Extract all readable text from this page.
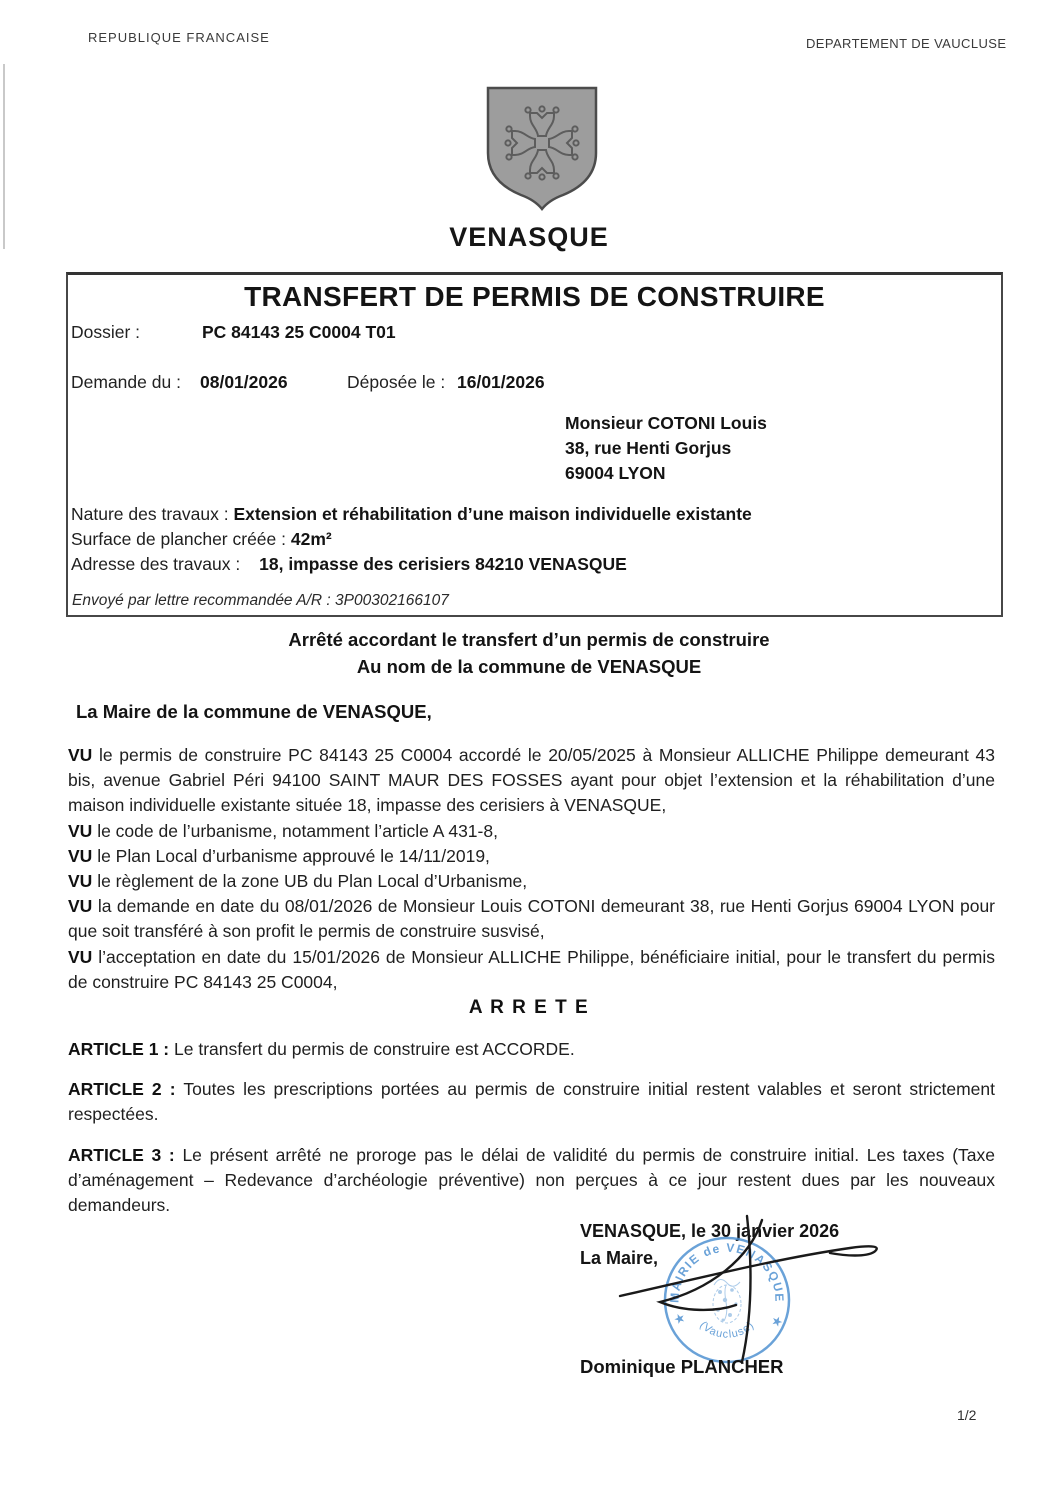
REPUBLIQUE FRANCAISE	DEPARTEMENT DE VAUCLUSE
VENASQUE
TRANSFERT DE PERMIS DE CONSTRUIRE
Dossier :	PC 84143 25 C0004 T01
Demande du : 08/01/2026	Déposée le : 16/01/2026
Monsieur COTONI Louis
38, rue Henti Gorjus
69004 LYON
Nature des travaux : Extension et réhabilitation d’une maison individuelle existante
Surface de plancher créée : 42m²
Adresse des travaux : 18, impasse des cerisiers 84210 VENASQUE
Envoyé par lettre recommandée A/R : 3P00302166107
Arrêté accordant le transfert d’un permis de construire
Au nom de la commune de VENASQUE
La Maire de la commune de VENASQUE,

VU le permis de construire PC 84143 25 C0004 accordé le 20/05/2025 à Monsieur ALLICHE Philippe demeurant 43 bis, avenue Gabriel Péri 94100 SAINT MAUR DES FOSSES ayant pour objet l’extension et la réhabilitation d’une maison individuelle existante située 18, impasse des cerisiers à VENASQUE,

VU le code de l’urbanisme, notamment l’article A 431-8,

VU le Plan Local d’urbanisme approuvé le 14/11/2019,

VU le règlement de la zone UB du Plan Local d’Urbanisme,

VU la demande en date du 08/01/2026 de Monsieur Louis COTONI demeurant 38, rue Henti Gorjus 69004 LYON pour que soit transféré à son profit le permis de construire susvisé,

VU l’acceptation en date du 15/01/2026 de Monsieur ALLICHE Philippe, bénéficiaire initial, pour le transfert du permis de construire PC 84143 25 C0004,

A R R E T E

ARTICLE 1 : Le transfert du permis de construire est ACCORDE.

ARTICLE 2 : Toutes les prescriptions portées au permis de construire initial restent valables et seront strictement respectées.

ARTICLE 3 : Le présent arrêté ne proroge pas le délai de validité du permis de construire initial. Les taxes (Taxe d’aménagement – Redevance d’archéologie préventive) non perçues à ce jour restent dues par les nouveaux demandeurs.

VENASQUE, le 30 janvier 2026
La Maire,
MAIRIE de VENASQUE
(Vaucluse)
★	★
Dominique PLANCHER
1/2
